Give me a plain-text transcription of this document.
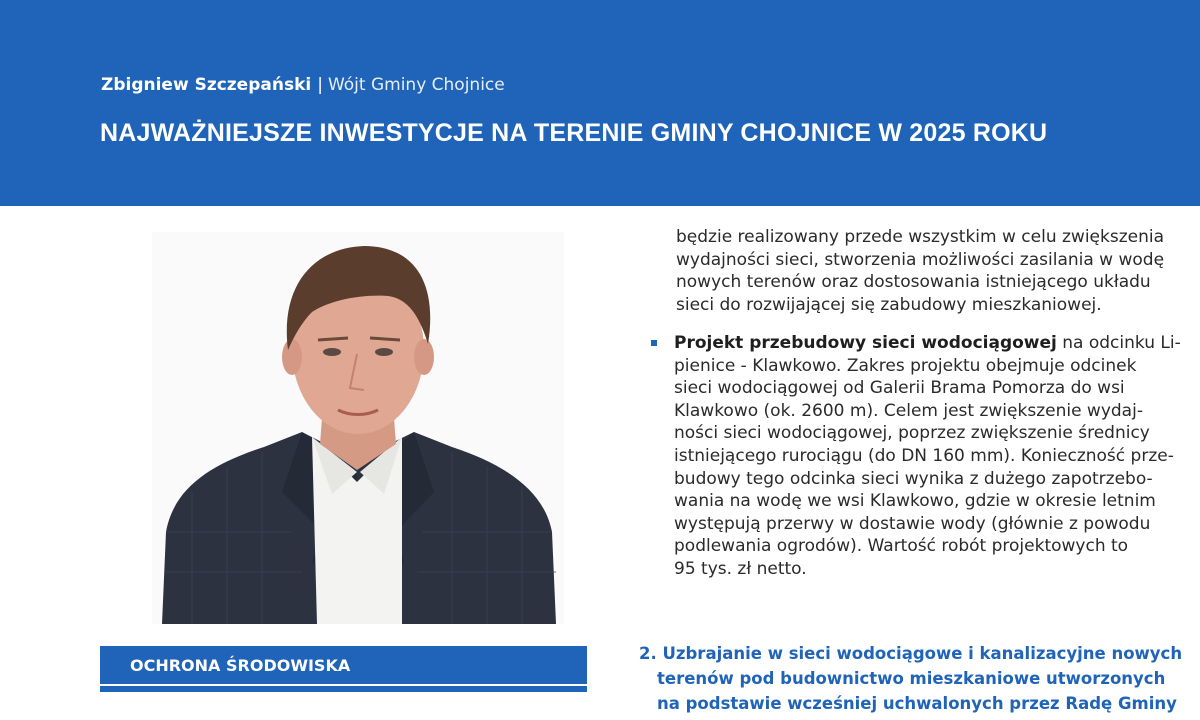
Zbigniew Szczepański | Wójt Gminy Chojnice
NAJWAŻNIEJSZE INWESTYCJE NA TERENIE GMINY CHOJNICE W 2025 ROKU
OCHRONA ŚRODOWISKA
będzie realizowany przede wszystkim w celu zwiększenia
wydajności sieci, stworzenia możliwości zasilania w wodę
nowych terenów oraz dostosowania istniejącego układu
sieci do rozwijającej się zabudowy mieszkaniowej.
Projekt przebudowy sieci wodociągowej na odcinku Li-
pienice - Klawkowo. Zakres projektu obejmuje odcinek
sieci wodociągowej od Galerii Brama Pomorza do wsi
Klawkowo (ok. 2600 m). Celem jest zwiększenie wydaj-
ności sieci wodociągowej, poprzez zwiększenie średnicy
istniejącego rurociągu (do DN 160 mm). Konieczność prze-
budowy tego odcinka sieci wynika z dużego zapotrzebo-
wania na wodę we wsi Klawkowo, gdzie w okresie letnim
występują przerwy w dostawie wody (głównie z powodu
podlewania ogrodów). Wartość robót projektowych to
95 tys. zł netto.
2. Uzbrajanie w sieci wodociągowe i kanalizacyjne nowych
terenów pod budownictwo mieszkaniowe utworzonych
na podstawie wcześniej uchwalonych przez Radę Gminy
